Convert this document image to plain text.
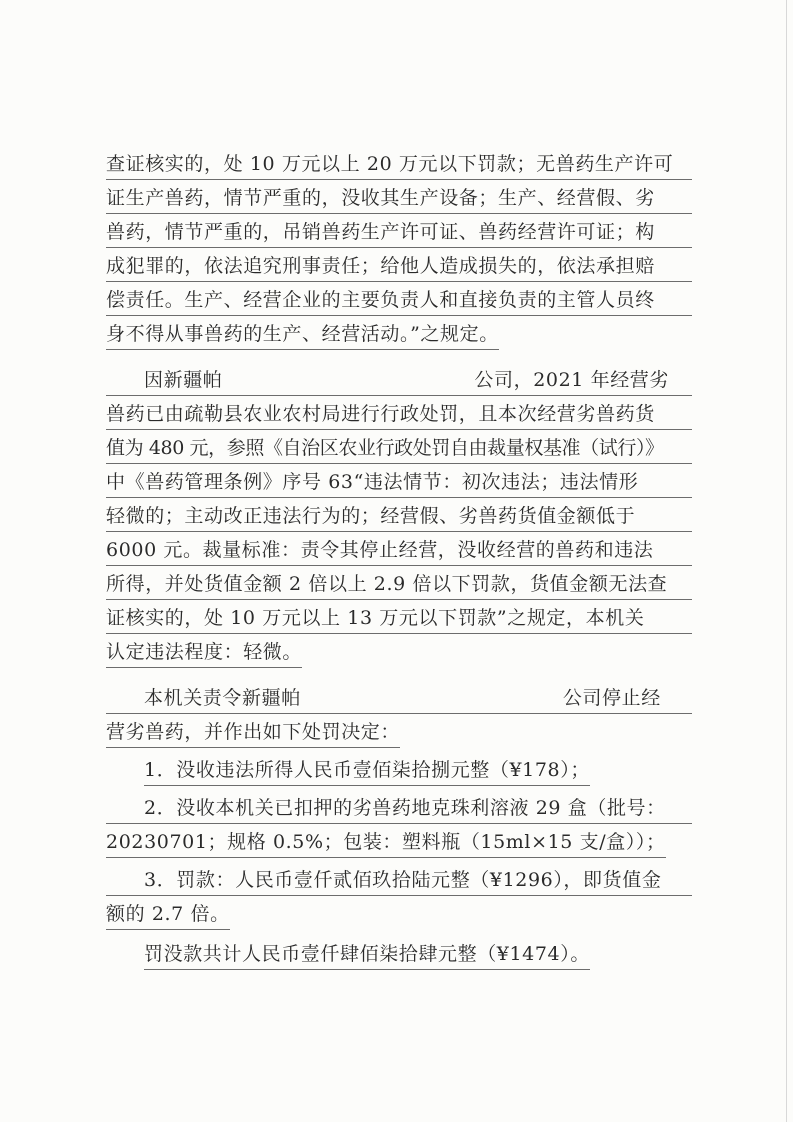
查证核实的，处 10 万元以上 20 万元以下罚款；无兽药生产许可
证生产兽药，情节严重的，没收其生产设备；生产、经营假、劣
兽药，情节严重的，吊销兽药生产许可证、兽药经营许可证；构
成犯罪的，依法追究刑事责任；给他人造成损失的，依法承担赔
偿责任。生产、经营企业的主要负责人和直接负责的主管人员终
身不得从事兽药的生产、经营活动。”之规定。
因新疆帕	公司，2021 年经营劣
兽药已由疏勒县农业农村局进行行政处罚，且本次经营劣兽药货
值为 480 元，参照《自治区农业行政处罚自由裁量权基准（试行）》
中《兽药管理条例》序号 63“违法情节：初次违法；违法情形
轻微的；主动改正违法行为的；经营假、劣兽药货值金额低于
6000 元。裁量标准：责令其停止经营，没收经营的兽药和违法
所得，并处货值金额 2 倍以上 2.9 倍以下罚款，货值金额无法查
证核实的，处 10 万元以上 13 万元以下罚款”之规定，本机关
认定违法程度：轻微。
本机关责令新疆帕	公司停止经
营劣兽药，并作出如下处罚决定：
1．没收违法所得人民币壹佰柒拾捌元整（¥178）；
2．没收本机关已扣押的劣兽药地克珠利溶液 29 盒（批号：
20230701；规格 0.5%；包装：塑料瓶（15ml×15 支/盒））；
3．罚款：人民币壹仟贰佰玖拾陆元整（¥1296），即货值金
额的 2.7 倍。
罚没款共计人民币壹仟肆佰柒拾肆元整（¥1474）。
